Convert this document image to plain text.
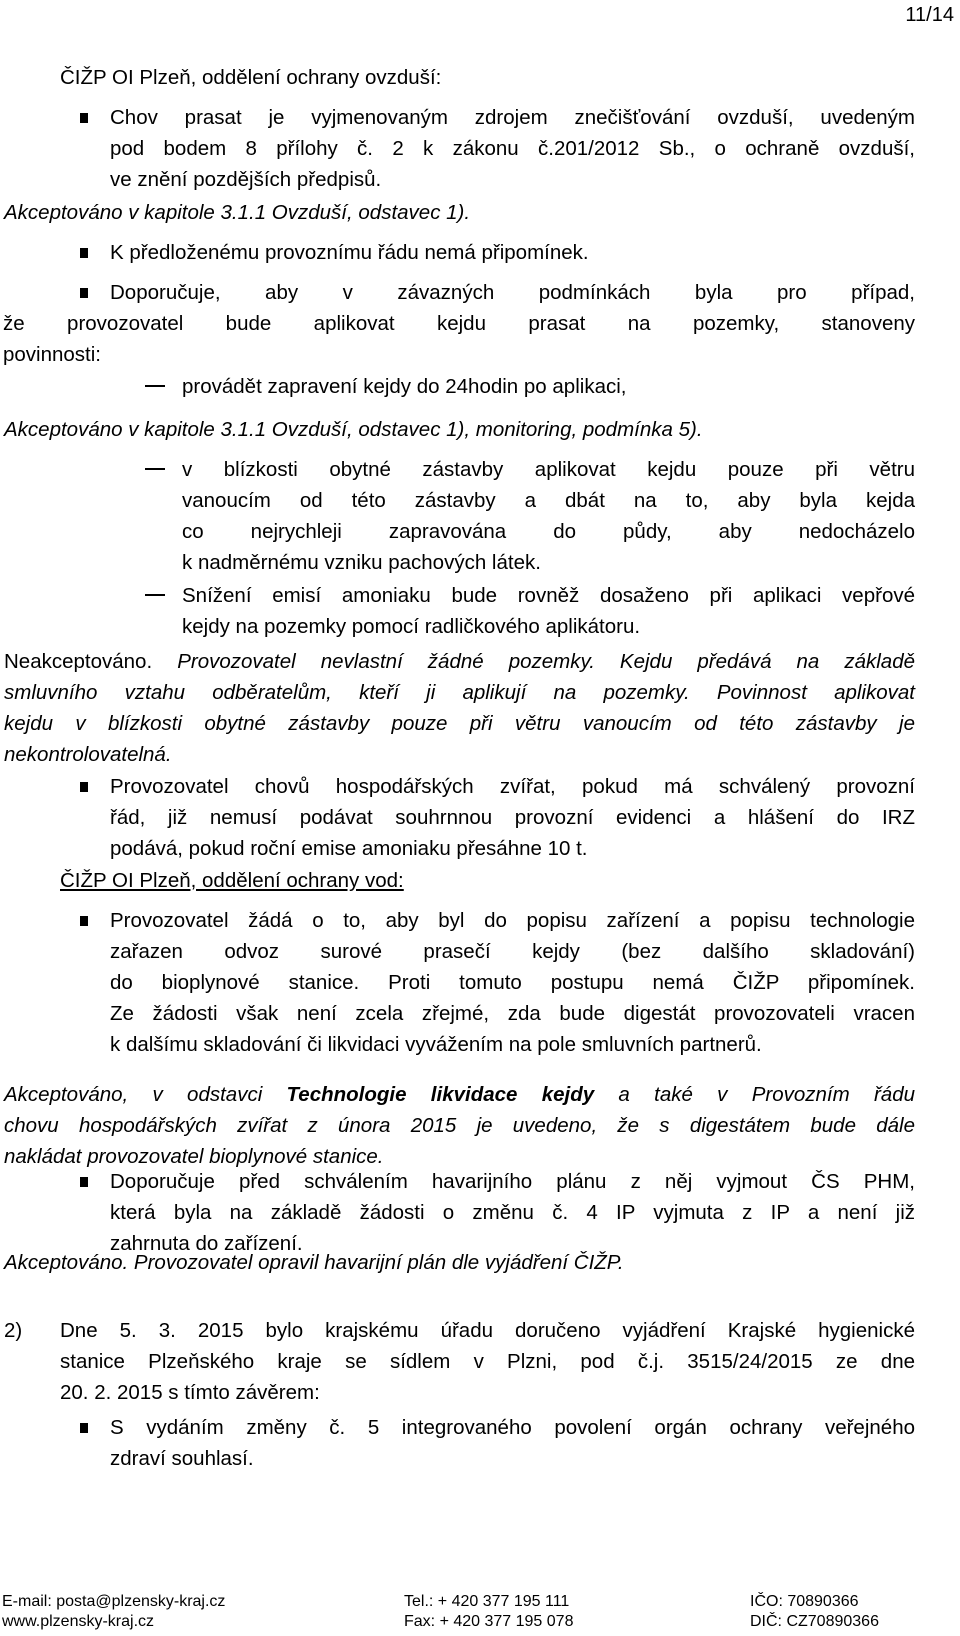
11/14
ČIŽP OI Plzeň, oddělení ochrany ovzduší:
Chov prasat je vyjmenovaným zdrojem znečišťování ovzduší, uvedeným
pod bodem 8 přílohy č. 2 k zákonu č.201/2012 Sb., o ochraně ovzduší,
ve znění pozdějších předpisů.
Akceptováno v kapitole 3.1.1 Ovzduší, odstavec 1).
K předloženému provoznímu řádu nemá připomínek.
Doporučuje, aby v závazných podmínkách byla pro případ,
že provozovatel bude aplikovat kejdu prasat na pozemky, stanoveny
povinnosti:
provádět zapravení kejdy do 24hodin po aplikaci,
Akceptováno v kapitole 3.1.1 Ovzduší, odstavec 1), monitoring, podmínka 5).
v blízkosti obytné zástavby aplikovat kejdu pouze při větru
vanoucím od této zástavby a dbát na to, aby byla kejda
co nejrychleji zapravována do půdy, aby nedocházelo
k nadměrnému vzniku pachových látek.
Snížení emisí amoniaku bude rovněž dosaženo při aplikaci vepřové
kejdy na pozemky pomocí radličkového aplikátoru.
Neakceptováno. Provozovatel nevlastní žádné pozemky. Kejdu předává na základě
smluvního vztahu odběratelům, kteří ji aplikují na pozemky. Povinnost aplikovat
kejdu v blízkosti obytné zástavby pouze při větru vanoucím od této zástavby je
nekontrolovatelná.
Provozovatel chovů hospodářských zvířat, pokud má schválený provozní
řád, již nemusí podávat souhrnnou provozní evidenci a hlášení do IRZ
podává, pokud roční emise amoniaku přesáhne 10 t.
ČIŽP OI Plzeň, oddělení ochrany vod:
Provozovatel žádá o to, aby byl do popisu zařízení a popisu technologie
zařazen odvoz surové prasečí kejdy (bez dalšího skladování)
do bioplynové stanice. Proti tomuto postupu nemá ČIŽP připomínek.
Ze žádosti však není zcela zřejmé, zda bude digestát provozovateli vracen
k dalšímu skladování či likvidaci vyvážením na pole smluvních partnerů.
Akceptováno, v odstavci Technologie likvidace kejdy a také v Provozním řádu
chovu hospodářských zvířat z února 2015 je uvedeno, že s digestátem bude dále
nakládat provozovatel bioplynové stanice.
Doporučuje před schválením havarijního plánu z něj vyjmout ČS PHM,
která byla na základě žádosti o změnu č. 4 IP vyjmuta z IP a není již
zahrnuta do zařízení.
Akceptováno. Provozovatel opravil havarijní plán dle vyjádření ČIŽP.
2) Dne 5. 3. 2015 bylo krajskému úřadu doručeno vyjádření Krajské hygienické
stanice Plzeňského kraje se sídlem v Plzni, pod č.j. 3515/24/2015 ze dne
20. 2. 2015 s tímto závěrem:
S vydáním změny č. 5 integrovaného povolení orgán ochrany veřejného
zdraví souhlasí.
E-mail: posta@plzensky-kraj.cz
www.plzensky-kraj.cz
Tel.: + 420 377 195 111
Fax: + 420 377 195 078
IČO: 70890366
DIČ: CZ70890366
